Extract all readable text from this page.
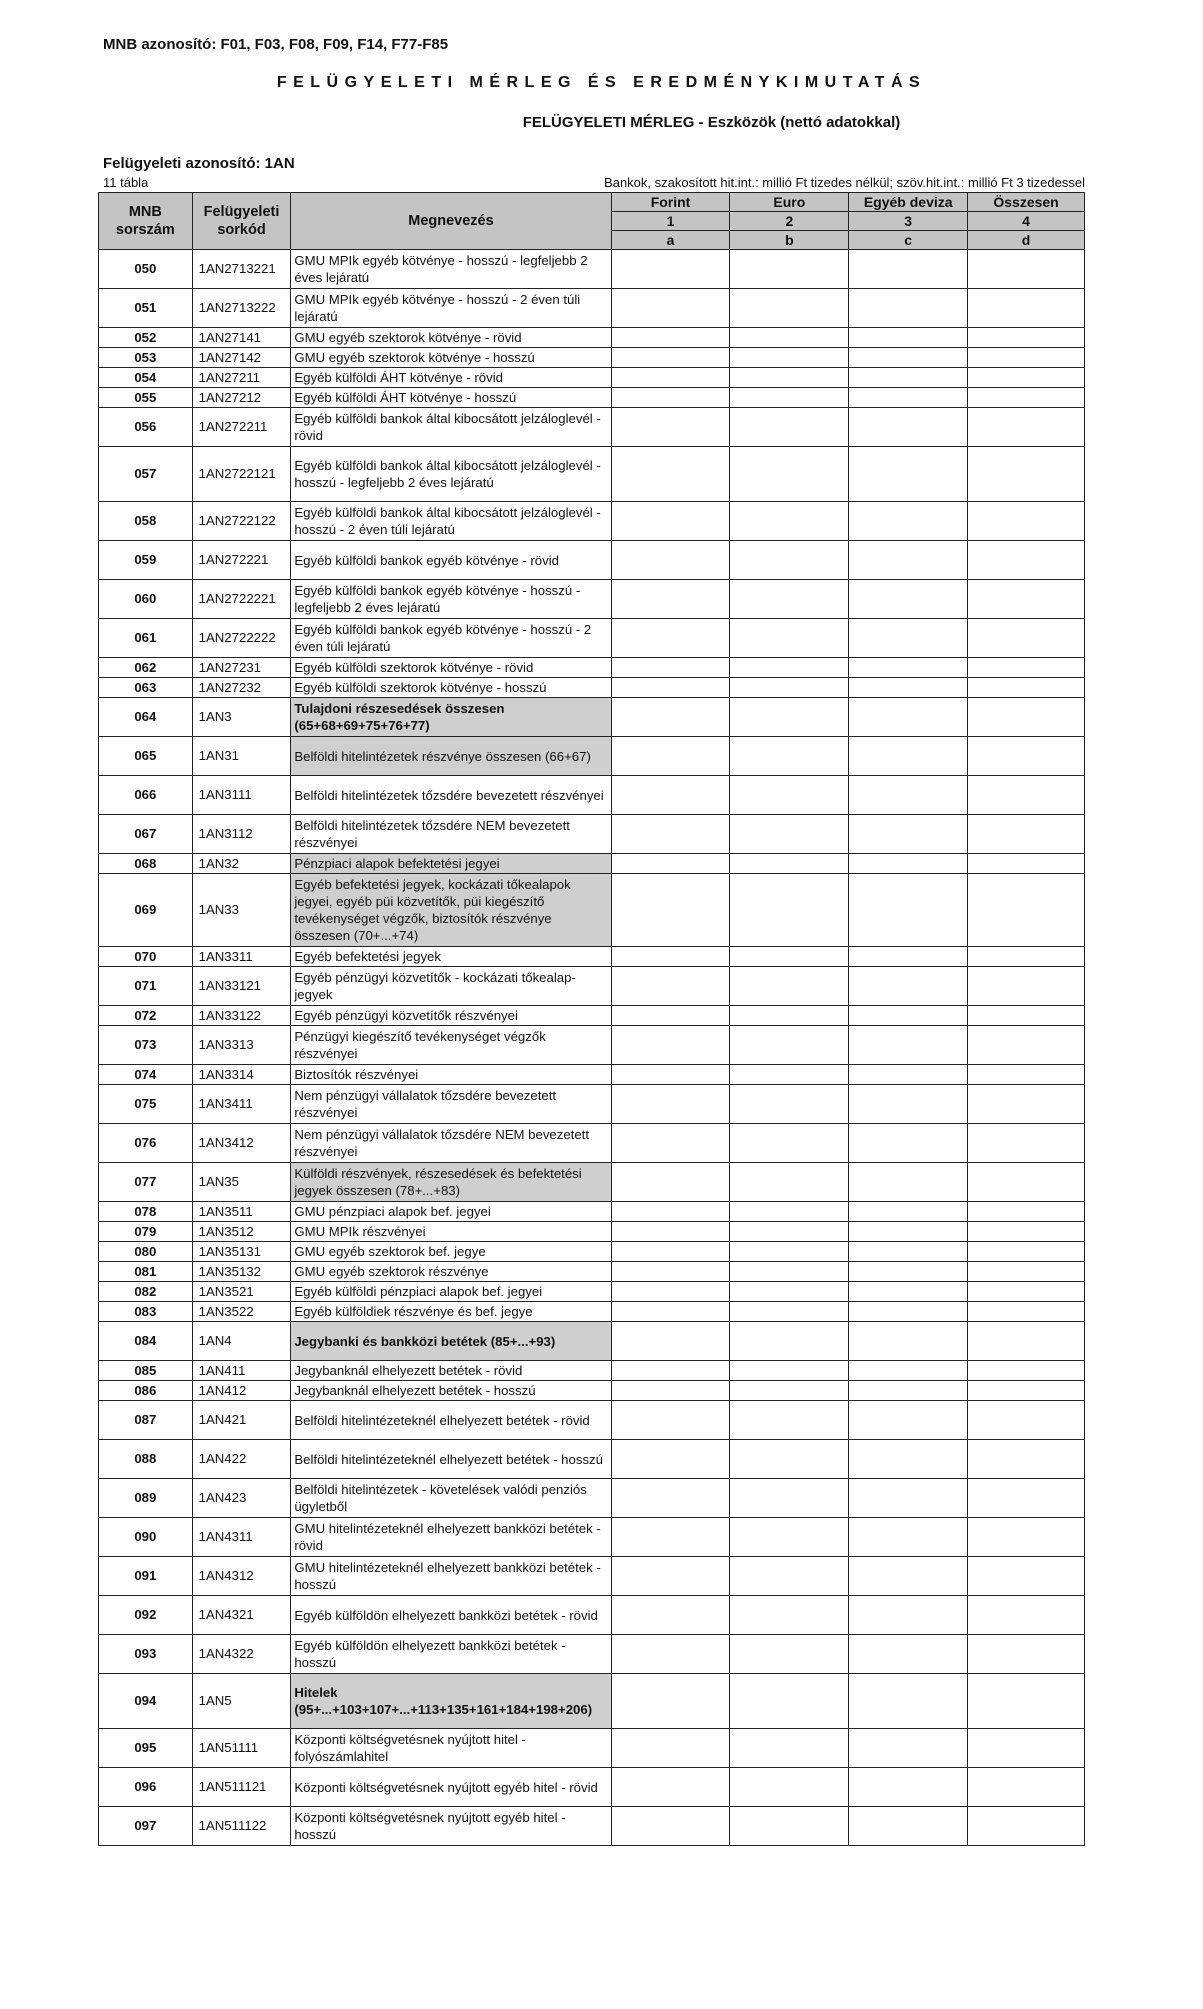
MNB azonosító: F01, F03, F08, F09, F14, F77-F85
FELÜGYELETI MÉRLEG ÉS EREDMÉNYKIMUTATÁS
FELÜGYELETI MÉRLEG - Eszközök (nettó adatokkal)
Felügyeleti azonosító: 1AN
11 tábla	Bankok, szakosított hit.int.: millió Ft tizedes nélkül; szöv.hit.int.: millió Ft 3 tizedessel
MNB sorszám	Felügyeleti sorkód	Megnevezés	Forint	Euro	Egyéb deviza	Összesen
			1	2	3	4
			a	b	c	d
050	1AN2713221	GMU MPIk egyéb kötvénye - hosszú - legfeljebb 2 éves lejáratú				
051	1AN2713222	GMU MPIk egyéb kötvénye - hosszú - 2 éven túli lejáratú				
052	1AN27141	GMU egyéb szektorok kötvénye - rövid				
053	1AN27142	GMU egyéb szektorok kötvénye - hosszú				
054	1AN27211	Egyéb külföldi ÁHT kötvénye - rövid				
055	1AN27212	Egyéb külföldi ÁHT kötvénye - hosszú				
056	1AN272211	Egyéb külföldi bankok által kibocsátott jelzáloglevél - rövid				
057	1AN2722121	Egyéb külföldi bankok által kibocsátott jelzáloglevél - hosszú - legfeljebb 2 éves lejáratú				
058	1AN2722122	Egyéb külföldi bankok által kibocsátott jelzáloglevél - hosszú - 2 éven túli lejáratú				
059	1AN272221	Egyéb külföldi bankok egyéb kötvénye - rövid				
060	1AN2722221	Egyéb külföldi bankok egyéb kötvénye - hosszú - legfeljebb 2 éves lejáratú				
061	1AN2722222	Egyéb külföldi bankok egyéb kötvénye - hosszú - 2 éven túli lejáratú				
062	1AN27231	Egyéb külföldi szektorok kötvénye - rövid				
063	1AN27232	Egyéb külföldi szektorok kötvénye - hosszú				
064	1AN3	Tulajdoni részesedések összesen (65+68+69+75+76+77)				
065	1AN31	Belföldi hitelintézetek részvénye összesen (66+67)				
066	1AN3111	Belföldi hitelintézetek tőzsdére bevezetett részvényei				
067	1AN3112	Belföldi hitelintézetek tőzsdére NEM bevezetett részvényei				
068	1AN32	Pénzpiaci alapok befektetési jegyei				
069	1AN33	Egyéb befektetési jegyek, kockázati tőkealapok jegyei, egyéb püi közvetítők, püi kiegészítő tevékenységet végzők, biztosítók részvénye összesen (70+...+74)				
070	1AN3311	Egyéb befektetési jegyek				
071	1AN33121	Egyéb pénzügyi közvetítők - kockázati tőkealap-jegyek				
072	1AN33122	Egyéb pénzügyi közvetítők részvényei				
073	1AN3313	Pénzügyi kiegészítő tevékenységet végzők részvényei				
074	1AN3314	Biztosítók részvényei				
075	1AN3411	Nem pénzügyi vállalatok tőzsdére bevezetett részvényei				
076	1AN3412	Nem pénzügyi vállalatok tőzsdére NEM bevezetett részvényei				
077	1AN35	Külföldi részvények, részesedések és befektetési jegyek összesen (78+...+83)				
078	1AN3511	GMU pénzpiaci alapok bef. jegyei				
079	1AN3512	GMU MPIk részvényei				
080	1AN35131	GMU egyéb szektorok bef. jegye				
081	1AN35132	GMU egyéb szektorok részvénye				
082	1AN3521	Egyéb külföldi pénzpiaci alapok bef. jegyei				
083	1AN3522	Egyéb külföldiek részvénye és bef. jegye				
084	1AN4	Jegybanki és bankközi betétek (85+...+93)				
085	1AN411	Jegybanknál elhelyezett betétek - rövid				
086	1AN412	Jegybanknál elhelyezett betétek - hosszú				
087	1AN421	Belföldi hitelintézeteknél elhelyezett betétek - rövid				
088	1AN422	Belföldi hitelintézeteknél elhelyezett betétek - hosszú				
089	1AN423	Belföldi hitelintézetek - követelések valódi penziós ügyletből				
090	1AN4311	GMU hitelintézeteknél elhelyezett bankközi betétek - rövid				
091	1AN4312	GMU hitelintézeteknél elhelyezett bankközi betétek - hosszú				
092	1AN4321	Egyéb külföldön elhelyezett bankközi betétek - rövid				
093	1AN4322	Egyéb külföldön elhelyezett bankközi betétek - hosszú				
094	1AN5	Hitelek (95+...+103+107+...+113+135+161+184+198+206)				
095	1AN51111	Központi költségvetésnek nyújtott hitel - folyószámlahitel				
096	1AN511121	Központi költségvetésnek nyújtott egyéb hitel - rövid				
097	1AN511122	Központi költségvetésnek nyújtott egyéb hitel - hosszú				
